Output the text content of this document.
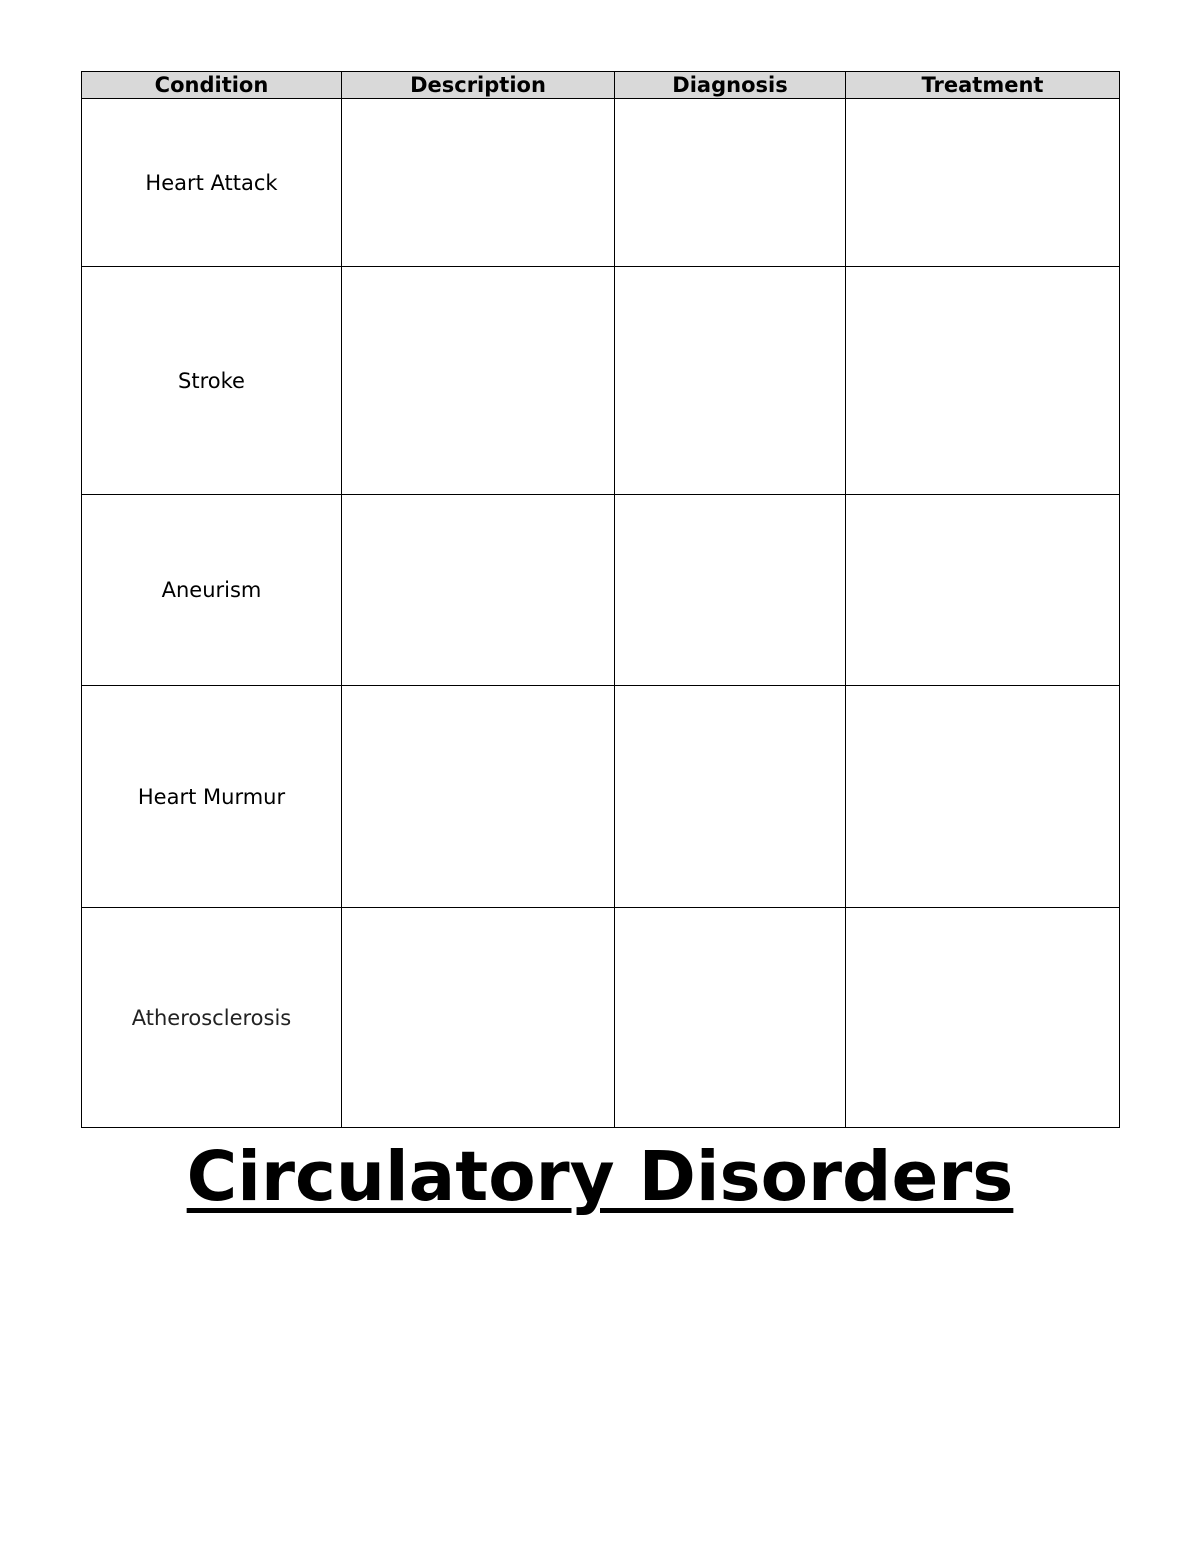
Condition	Description	Diagnosis	Treatment
Heart Attack			
Stroke			
Aneurism			
Heart Murmur			
Atherosclerosis			
Circulatory Disorders
